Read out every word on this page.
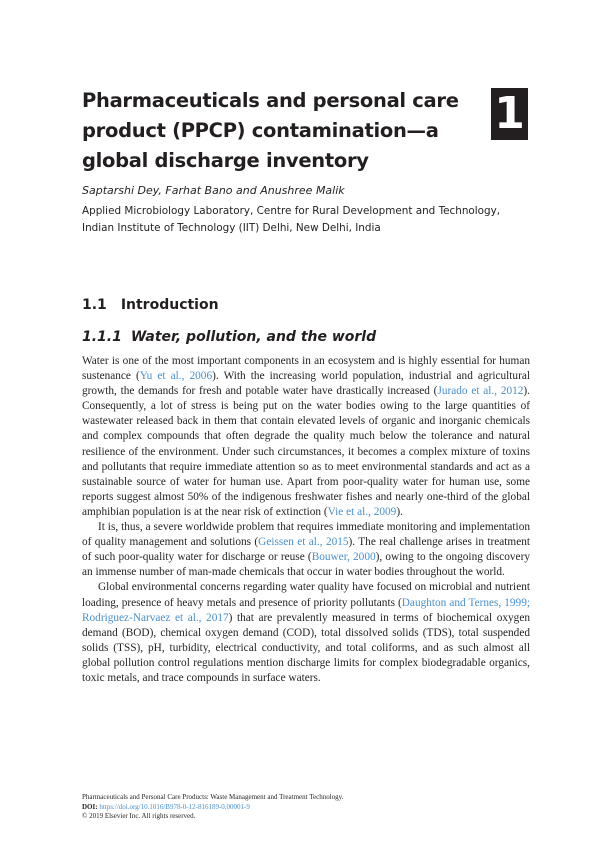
Pharmaceuticals and personal care product (PPCP) contamination—a global discharge inventory
1

Saptarshi Dey, Farhat Bano and Anushree Malik

Applied Microbiology Laboratory, Centre for Rural Development and Technology, Indian Institute of Technology (IIT) Delhi, New Delhi, India

1.1 Introduction
1.1.1 Water, pollution, and the world

Water is one of the most important components in an ecosystem and is highly essential for human sustenance (Yu et al., 2006). With the increasing world population, industrial and agricultural growth, the demands for fresh and potable water have drastically increased (Jurado et al., 2012). Consequently, a lot of stress is being put on the water bodies owing to the large quantities of wastewater released back in them that contain elevated levels of organic and inorganic chemicals and complex compounds that often degrade the quality much below the tolerance and natural resilience of the environment. Under such circumstances, it becomes a complex mixture of toxins and pollutants that require immediate attention so as to meet environmental standards and act as a sustainable source of water for human use. Apart from poor-quality water for human use, some reports suggest almost 50% of the indigenous freshwater fishes and nearly one-third of the global amphibian population is at the near risk of extinction (Vie et al., 2009).

It is, thus, a severe worldwide problem that requires immediate monitoring and implementation of quality management and solutions (Geissen et al., 2015). The real challenge arises in treatment of such poor-quality water for discharge or reuse (Bouwer, 2000), owing to the ongoing discovery an immense number of man-made chemicals that occur in water bodies throughout the world.

Global environmental concerns regarding water quality have focused on microbial and nutrient loading, presence of heavy metals and presence of priority pollutants (Daughton and Ternes, 1999; Rodriguez-Narvaez et al., 2017) that are prevalently measured in terms of biochemical oxygen demand (BOD), chemical oxygen demand (COD), total dissolved solids (TDS), total suspended solids (TSS), pH, turbidity, electrical conductivity, and total coliforms, and as such almost all global pollution control regulations mention discharge limits for complex biodegradable organics, toxic metals, and trace compounds in surface waters.

Pharmaceuticals and Personal Care Products: Waste Management and Treatment Technology.
DOI: https://doi.org/10.1016/B978-0-12-816189-0.00001-9
© 2019 Elsevier Inc. All rights reserved.
